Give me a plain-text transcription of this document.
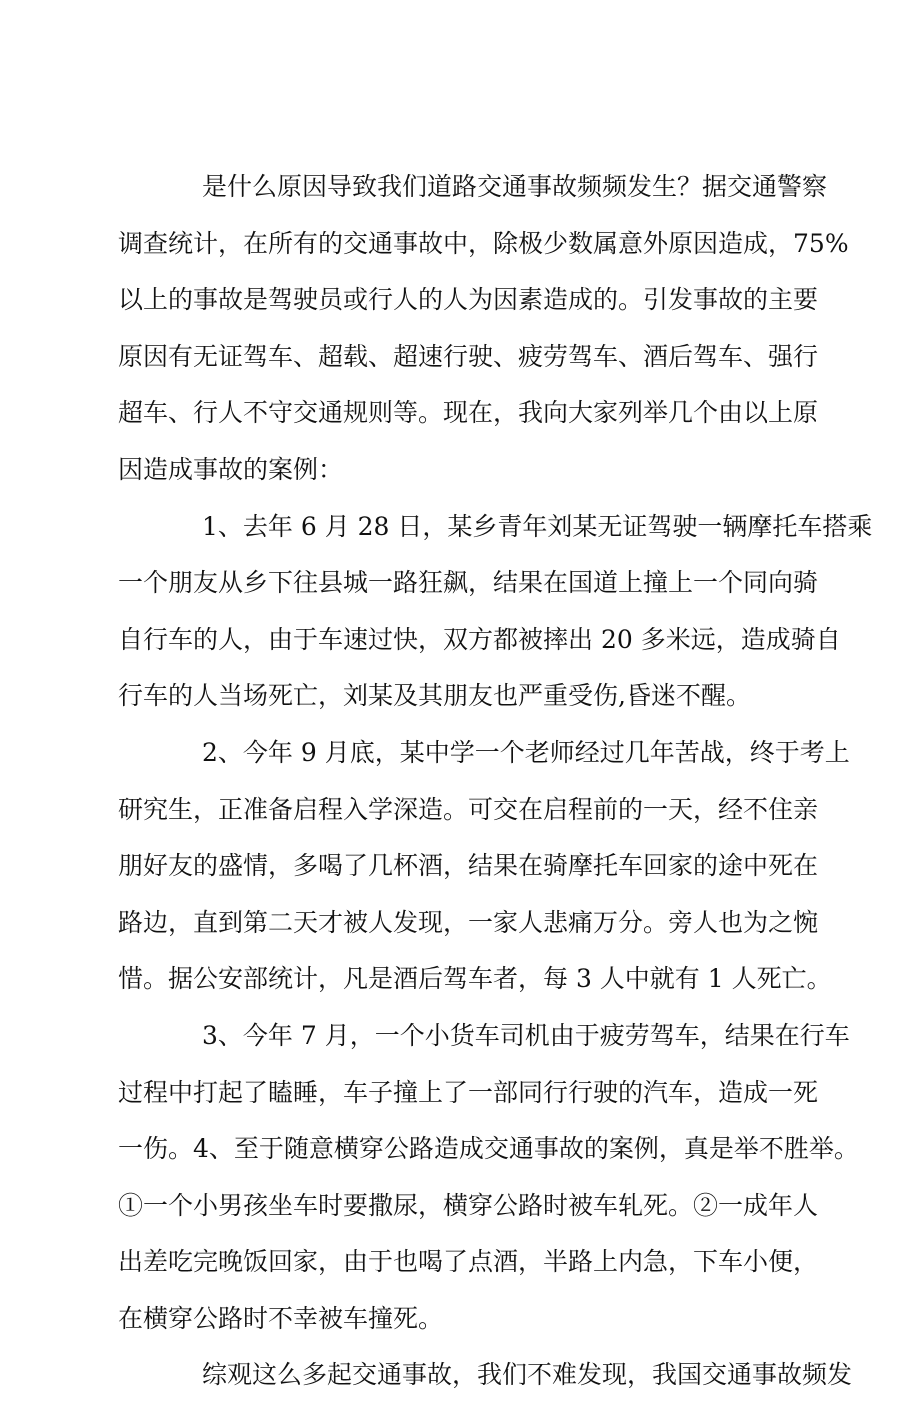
是什么原因导致我们道路交通事故频频发生？据交通警察
调查统计，在所有的交通事故中，除极少数属意外原因造成，75%
以上的事故是驾驶员或行人的人为因素造成的。引发事故的主要
原因有无证驾车、超载、超速行驶、疲劳驾车、酒后驾车、强行
超车、行人不守交通规则等。现在，我向大家列举几个由以上原
因造成事故的案例：
1、去年 6 月 28 日，某乡青年刘某无证驾驶一辆摩托车搭乘
一个朋友从乡下往县城一路狂飙，结果在国道上撞上一个同向骑
自行车的人，由于车速过快，双方都被摔出 20 多米远，造成骑自
行车的人当场死亡，刘某及其朋友也严重受伤,昏迷不醒。
2、今年 9 月底，某中学一个老师经过几年苦战，终于考上
研究生，正准备启程入学深造。可交在启程前的一天，经不住亲
朋好友的盛情，多喝了几杯酒，结果在骑摩托车回家的途中死在
路边，直到第二天才被人发现，一家人悲痛万分。旁人也为之惋
惜。据公安部统计，凡是酒后驾车者，每 3 人中就有 1 人死亡。
3、今年 7 月，一个小货车司机由于疲劳驾车，结果在行车
过程中打起了瞌睡，车子撞上了一部同行行驶的汽车，造成一死
一伤。4、至于随意横穿公路造成交通事故的案例，真是举不胜举。
①一个小男孩坐车时要撒尿，横穿公路时被车轧死。②一成年人
出差吃完晚饭回家，由于也喝了点酒，半路上内急，下车小便，
在横穿公路时不幸被车撞死。
综观这么多起交通事故，我们不难发现，我国交通事故频发
